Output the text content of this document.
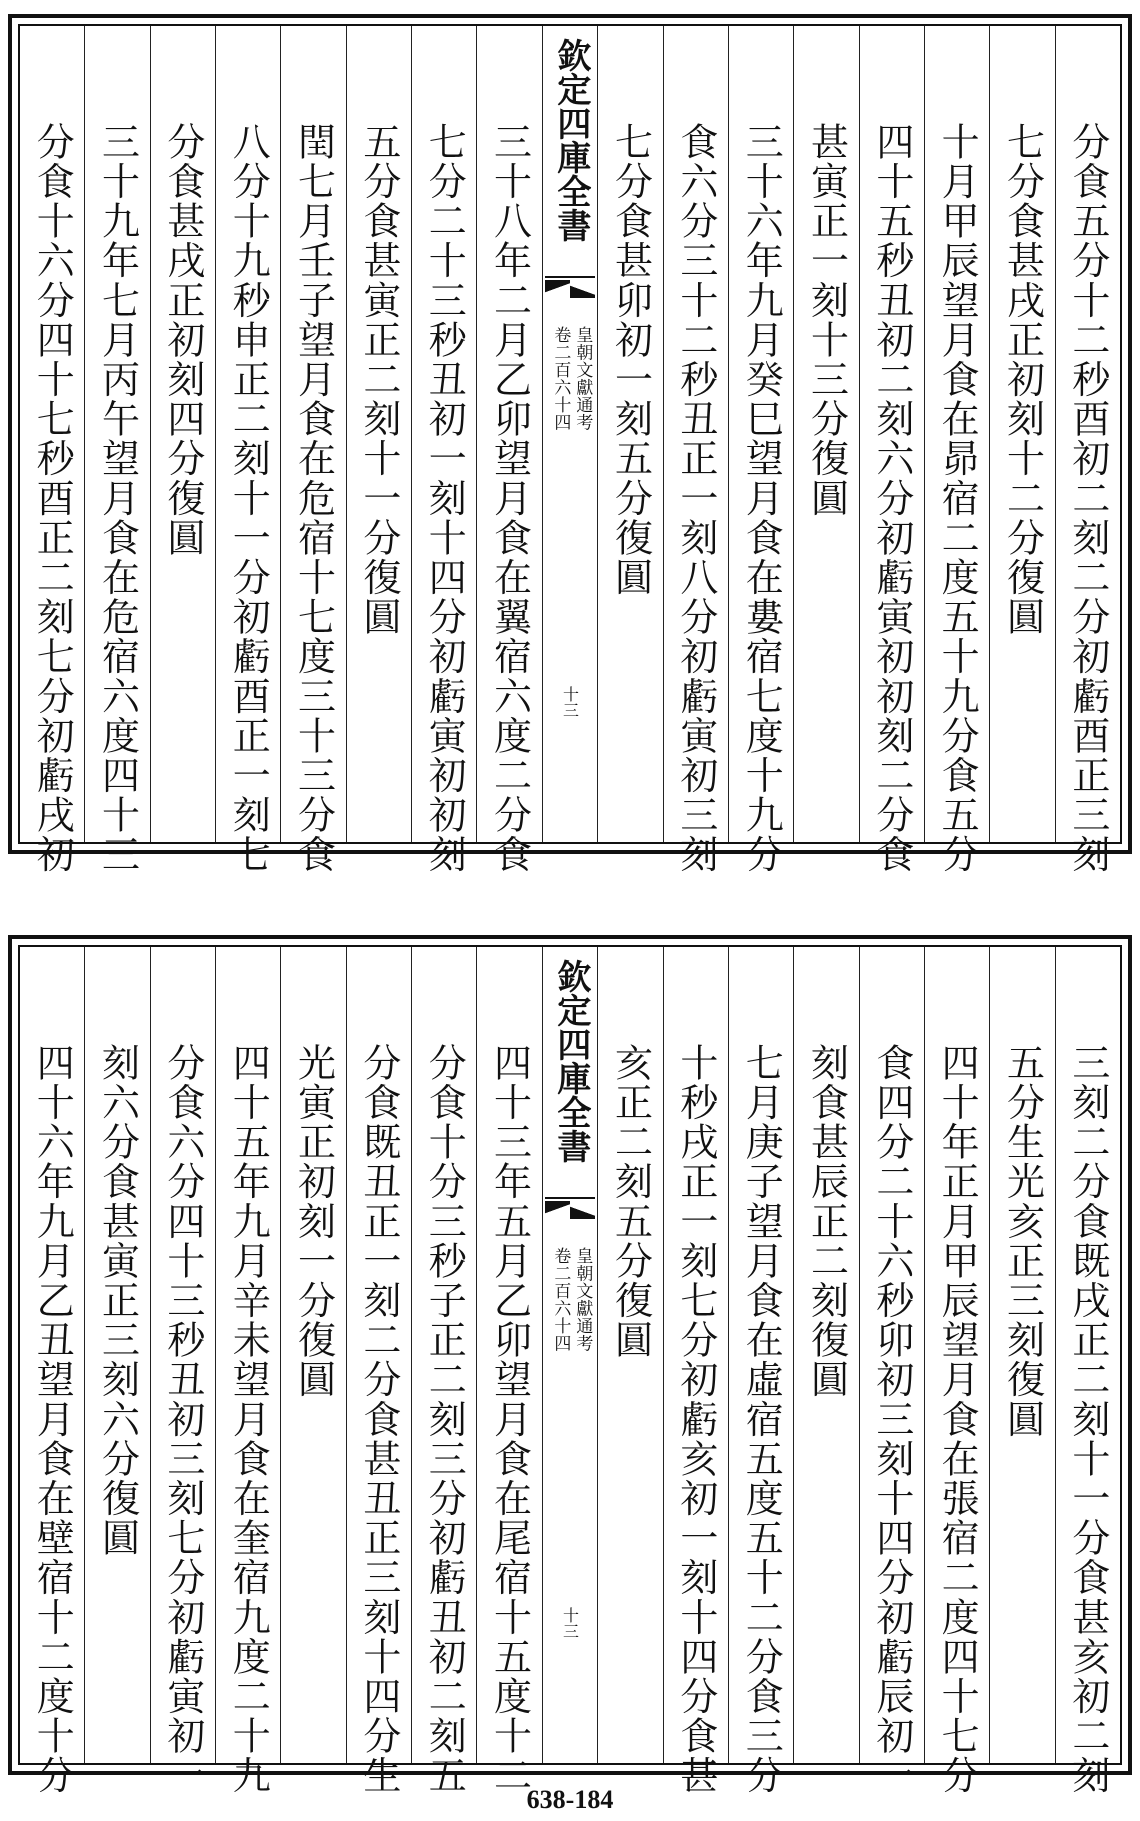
分食五分十二秒酉初二刻二分初虧酉正三刻
七分食甚戌正初刻十二分復圓
十月甲辰望月食在昴宿二度五十九分食五分
四十五秒丑初二刻六分初虧寅初初刻二分食
甚寅正一刻十三分復圓
三十六年九月癸巳望月食在婁宿七度十九分
食六分三十二秒丑正一刻八分初虧寅初三刻
七分食甚卯初一刻五分復圓
欽定四庫全書
皇朝文獻通考
卷二百六十四
十三
三十八年二月乙卯望月食在翼宿六度二分食
七分二十三秒丑初一刻十四分初虧寅初初刻
五分食甚寅正二刻十一分復圓
閏七月壬子望月食在危宿十七度三十三分食
八分十九秒申正二刻十一分初虧酉正一刻七
分食甚戌正初刻四分復圓
三十九年七月丙午望月食在危宿六度四十三
分食十六分四十七秒酉正二刻七分初虧戌初
三刻二分食既戌正二刻十一分食甚亥初二刻
五分生光亥正三刻復圓
四十年正月甲辰望月食在張宿二度四十七分
食四分二十六秒卯初三刻十四分初虧辰初一
刻食甚辰正二刻復圓
七月庚子望月食在虛宿五度五十二分食三分
十秒戌正一刻七分初虧亥初一刻十四分食甚
亥正二刻五分復圓
欽定四庫全書
皇朝文獻通考
卷二百六十四
十三
四十三年五月乙卯望月食在尾宿十五度十二
分食十分三秒子正二刻三分初虧丑初二刻五
分食既丑正一刻二分食甚丑正三刻十四分生
光寅正初刻一分復圓
四十五年九月辛未望月食在奎宿九度二十九
分食六分四十三秒丑初三刻七分初虧寅初一
刻六分食甚寅正三刻六分復圓
四十六年九月乙丑望月食在壁宿十二度十分
638-184
